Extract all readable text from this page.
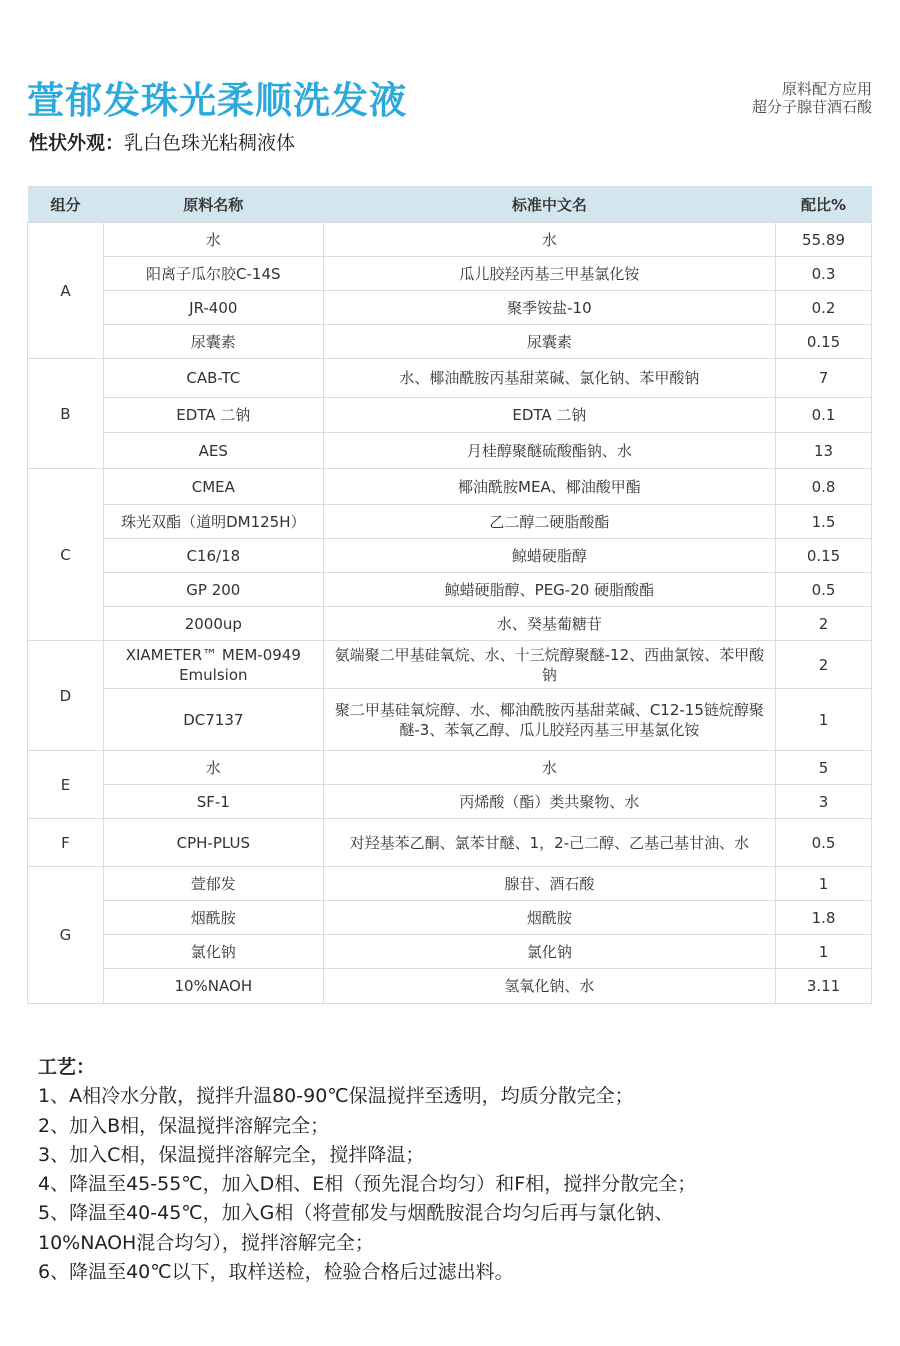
萱郁发珠光柔顺洗发液	原料配方应用
超分子腺苷酒石酸
性状外观：乳白色珠光粘稠液体
组分	原料名称	标准中文名	配比%
A	水	水	55.89
	阳离子瓜尔胶C-14S	瓜儿胶羟丙基三甲基氯化铵	0.3
	JR-400	聚季铵盐-10	0.2
	尿囊素	尿囊素	0.15
B	CAB-TC	水、椰油酰胺丙基甜菜碱、氯化钠、苯甲酸钠	7
	EDTA 二钠	EDTA 二钠	0.1
	AES	月桂醇聚醚硫酸酯钠、水	13
C	CMEA	椰油酰胺MEA、椰油酸甲酯	0.8
	珠光双酯（道明DM125H）	乙二醇二硬脂酸酯	1.5
	C16/18	鲸蜡硬脂醇	0.15
	GP 200	鲸蜡硬脂醇、PEG-20 硬脂酸酯	0.5
	2000up	水、癸基葡糖苷	2
D	XIAMETER™ MEM-0949 Emulsion	氨端聚二甲基硅氧烷、水、十三烷醇聚醚-12、西曲氯铵、苯甲酸钠	2
	DC7137	聚二甲基硅氧烷醇、水、椰油酰胺丙基甜菜碱、C12-15链烷醇聚醚-3、苯氧乙醇、瓜儿胶羟丙基三甲基氯化铵	1
E	水	水	5
	SF-1	丙烯酸（酯）类共聚物、水	3
F	CPH-PLUS	对羟基苯乙酮、氯苯甘醚、1，2-己二醇、乙基己基甘油、水	0.5
G	萱郁发	腺苷、酒石酸	1
	烟酰胺	烟酰胺	1.8
	氯化钠	氯化钠	1
	10%NAOH	氢氧化钠、水	3.11
工艺：
1、A相冷水分散，搅拌升温80-90℃保温搅拌至透明，均质分散完全；
2、加入B相，保温搅拌溶解完全；
3、加入C相，保温搅拌溶解完全，搅拌降温；
4、降温至45-55℃，加入D相、E相（预先混合均匀）和F相，搅拌分散完全；
5、降温至40-45℃，加入G相（将萱郁发与烟酰胺混合均匀后再与氯化钠、
10%NAOH混合均匀），搅拌溶解完全；
6、降温至40℃以下，取样送检，检验合格后过滤出料。
